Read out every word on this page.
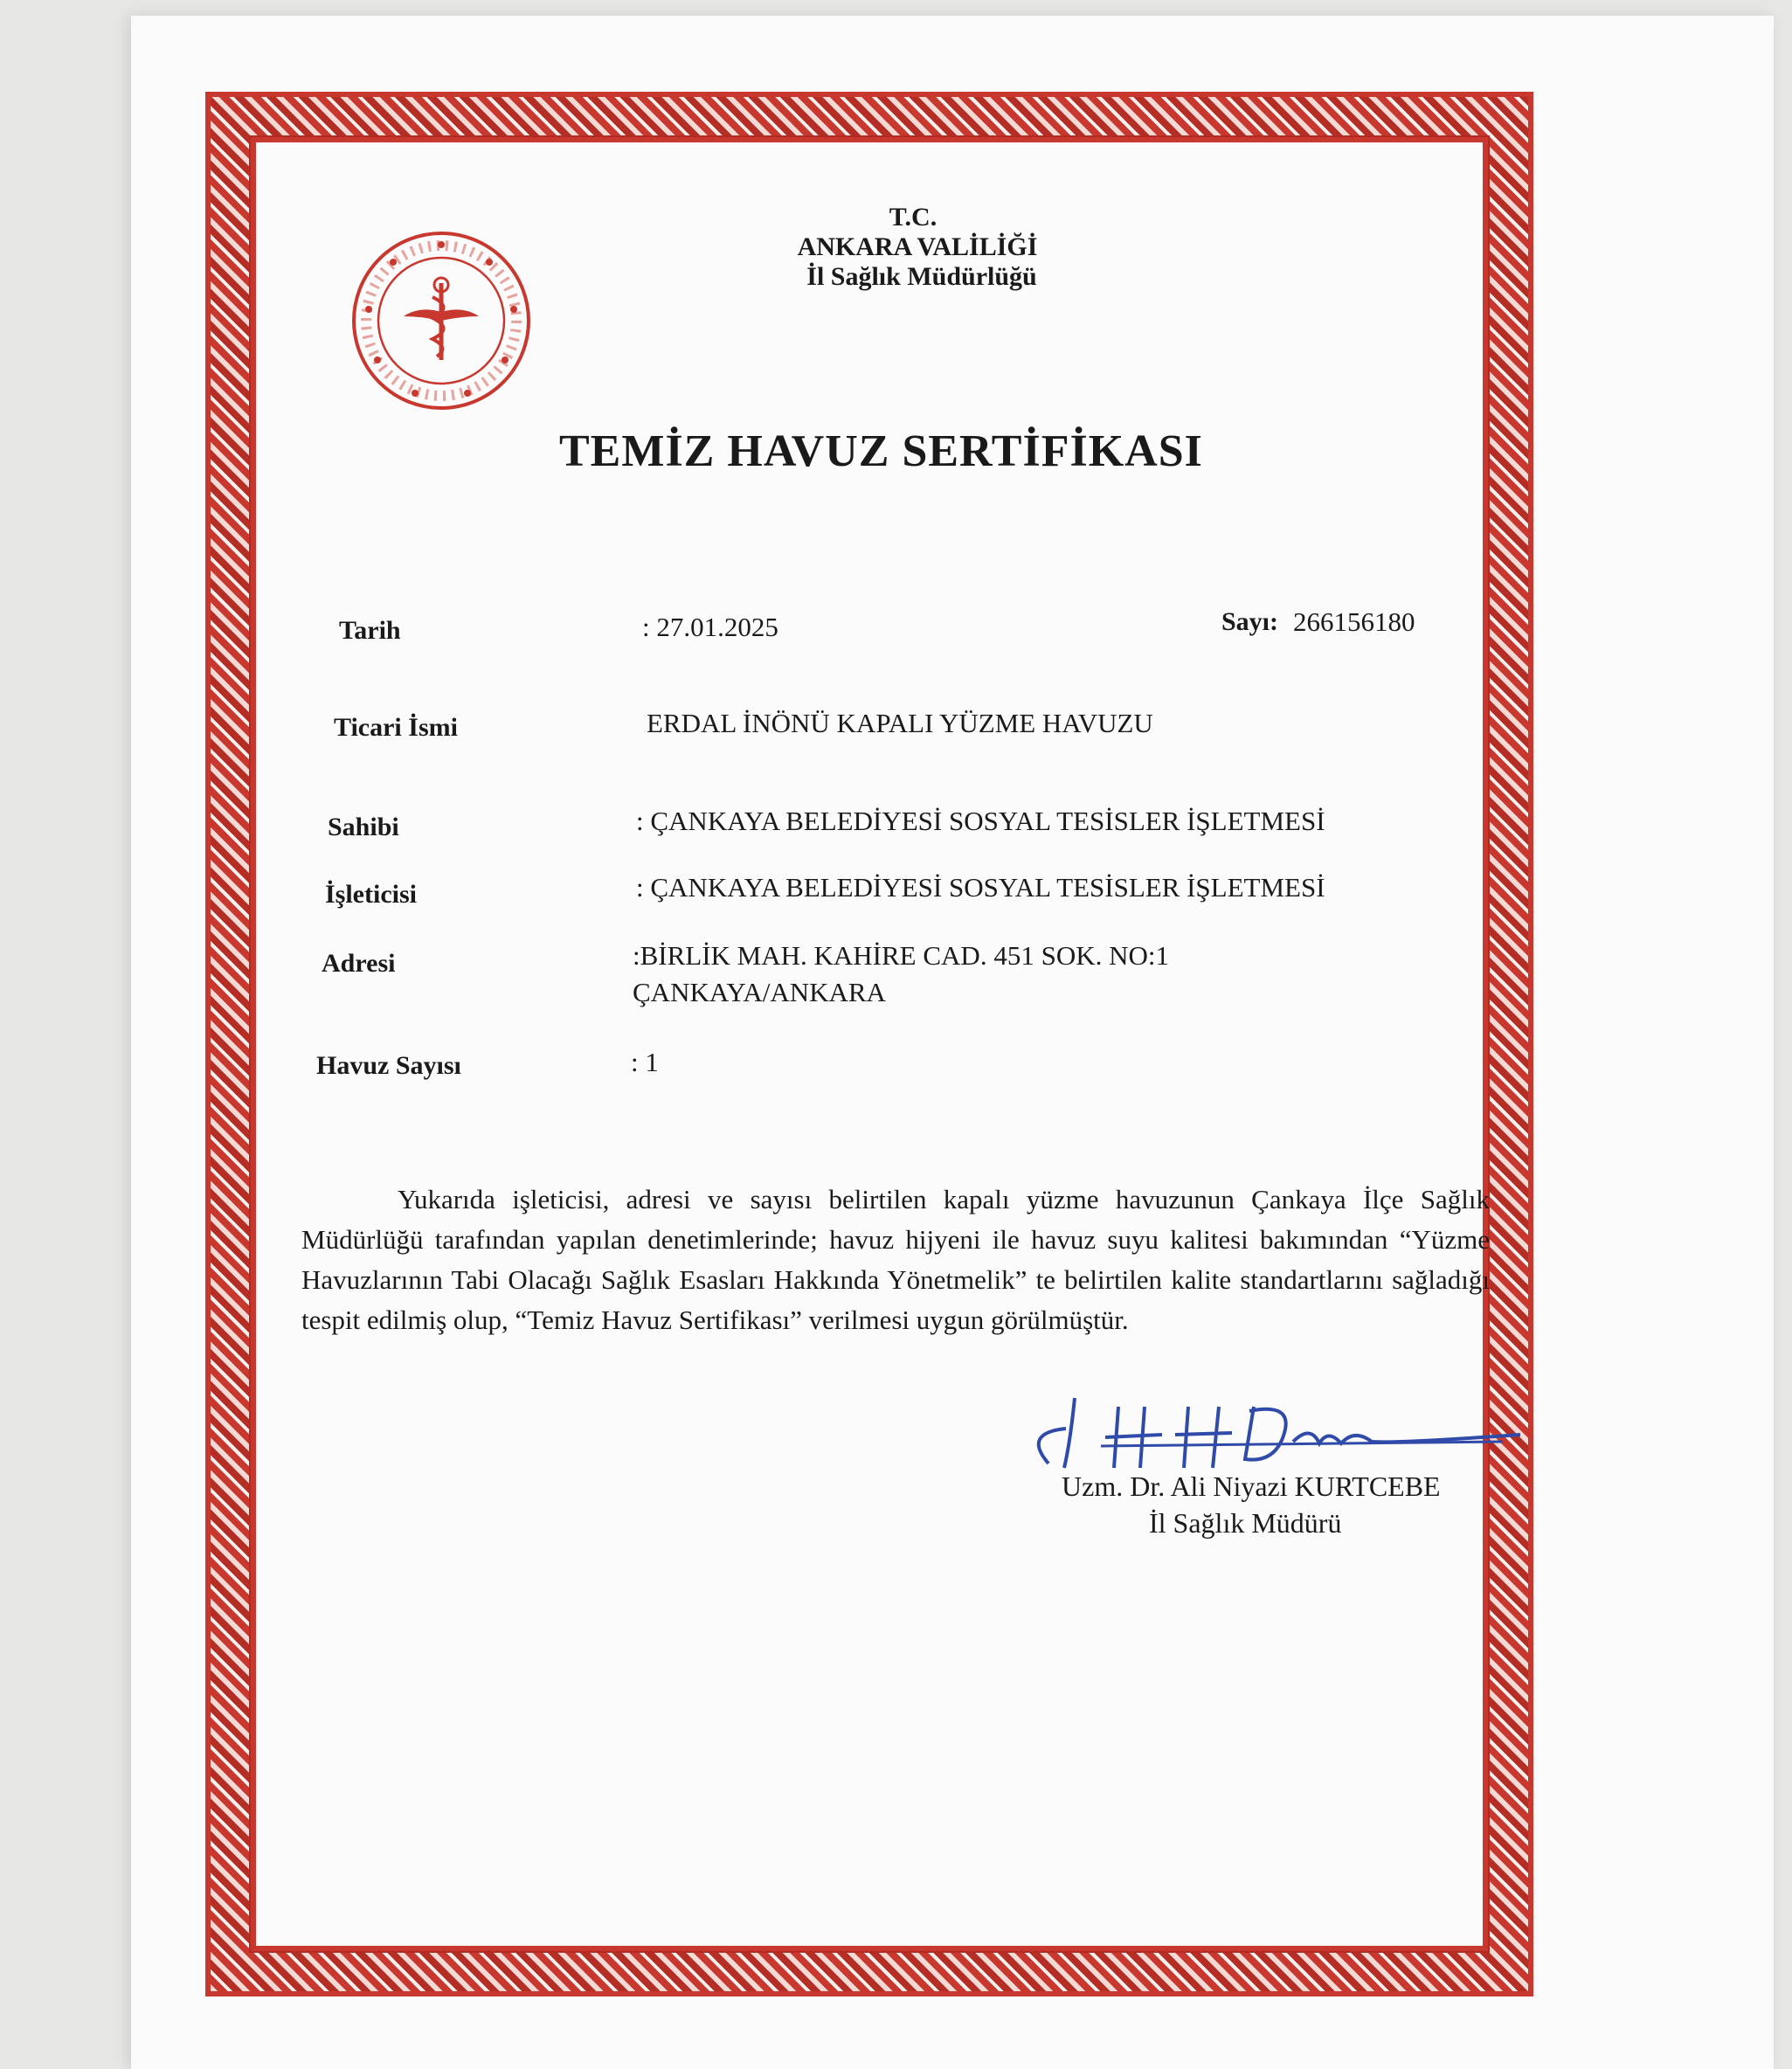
T.C.
ANKARA VALİLİĞİ
İl Sağlık Müdürlüğü
TEMİZ HAVUZ SERTİFİKASI
Tarih	: 27.01.2025	Sayı: 266156180
Ticari İsmi	ERDAL İNÖNÜ KAPALI YÜZME HAVUZU
Sahibi	: ÇANKAYA BELEDİYESİ SOSYAL TESİSLER İŞLETMESİ
İşleticisi	: ÇANKAYA BELEDİYESİ SOSYAL TESİSLER İŞLETMESİ
Adresi	:BİRLİK MAH. KAHİRE CAD. 451 SOK. NO:1
ÇANKAYA/ANKARA
Havuz Sayısı	: 1
Yukarıda işleticisi, adresi ve sayısı belirtilen kapalı yüzme havuzunun Çankaya İlçe Sağlık Müdürlüğü tarafından yapılan denetimlerinde; havuz hijyeni ile havuz suyu kalitesi bakımından “Yüzme Havuzlarının Tabi Olacağı Sağlık Esasları Hakkında Yönetmelik” te belirtilen kalite standartlarını sağladığı tespit edilmiş olup, “Temiz Havuz Sertifikası” verilmesi uygun görülmüştür.
Uzm. Dr. Ali Niyazi KURTCEBE
İl Sağlık Müdürü
